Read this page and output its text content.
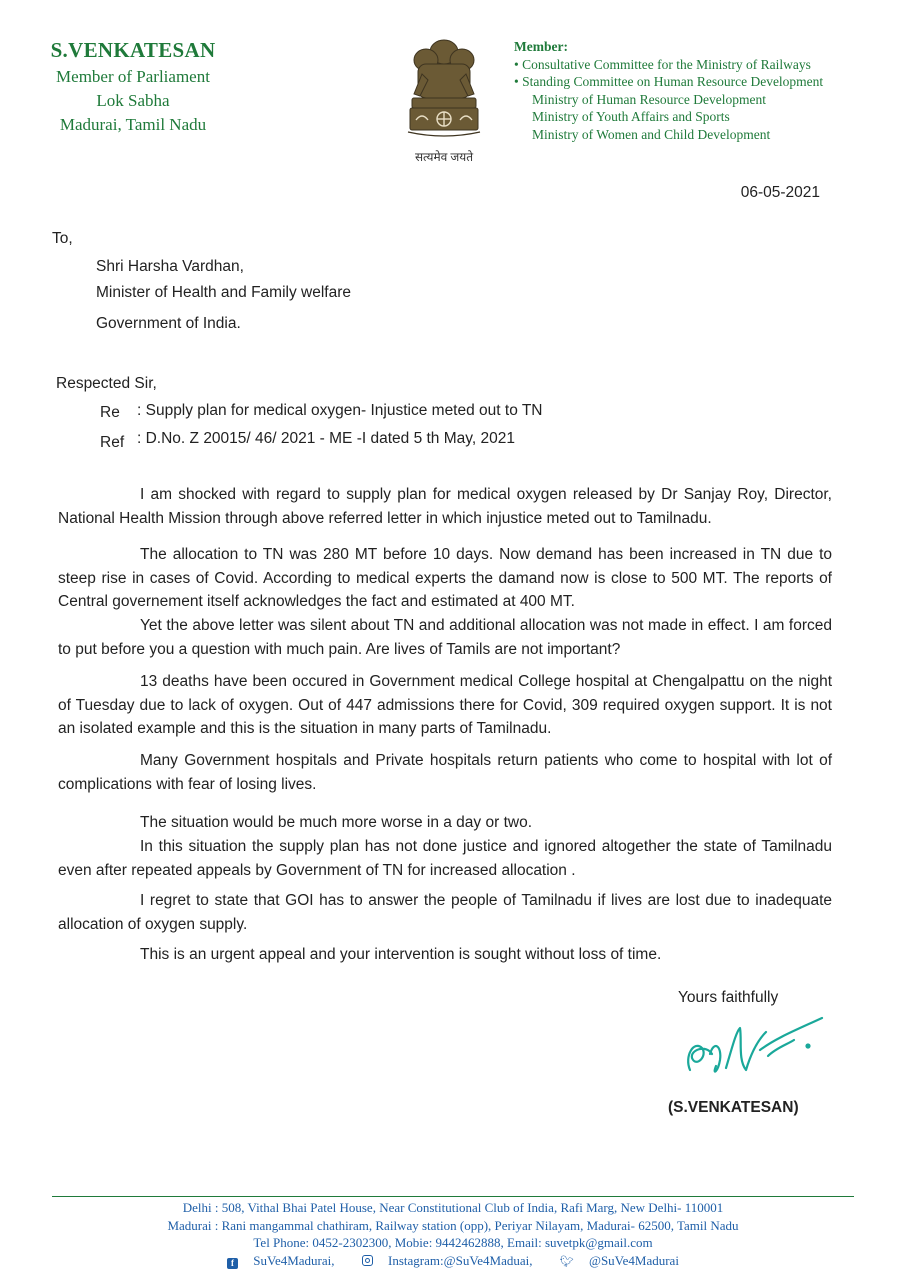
S.VENKATESAN
Member of Parliament
Lok Sabha
Madurai, Tamil Nadu
सत्यमेव जयते
Member:
• Consultative Committee for the Ministry of Railways
• Standing Committee on Human Resource Development
Ministry of Human Resource Development
Ministry of Youth Affairs and Sports
Ministry of Women and Child Development
06-05-2021
To,
Shri Harsha Vardhan,
Minister of Health and Family welfare
Government of India.
Respected Sir,
Re : Supply plan for medical oxygen- Injustice meted out to TN
Ref : D.No. Z 20015/ 46/ 2021 - ME -I dated 5 th May, 2021
I am shocked with regard to supply plan for medical oxygen released by Dr Sanjay Roy, Director, National Health Mission through above referred letter in which injustice meted out to Tamilnadu.
The allocation to TN was 280 MT before 10 days. Now demand has been increased in TN due to steep rise in cases of Covid. According to medical experts the damand now is close to 500 MT. The reports of Central governement itself acknowledges the fact and estimated at 400 MT.
Yet the above letter was silent about TN and additional allocation was not made in effect. I am forced to put before you a question with much pain. Are lives of Tamils are not important?
13 deaths have been occured in Government medical College hospital at Chengalpattu on the night of Tuesday due to lack of oxygen. Out of 447 admissions there for Covid, 309 required oxygen support. It is not an isolated example and this is the situation in many parts of Tamilnadu.
Many Government hospitals and Private hospitals return patients who come to hospital with lot of complications with fear of losing lives.
The situation would be much more worse in a day or two.
In this situation the supply plan has not done justice and ignored altogether the state of Tamilnadu even after repeated appeals by Government of TN for increased allocation .
I regret to state that GOI has to answer the people of Tamilnadu if lives are lost due to inadequate allocation of oxygen supply.
This is an urgent appeal and your intervention is sought without loss of time.
Yours faithfully
(S.VENKATESAN)
Delhi : 508, Vithal Bhai Patel House, Near Constitutional Club of India, Rafi Marg, New Delhi- 110001
Madurai : Rani mangammal chathiram, Railway station (opp), Periyar Nilayam, Madurai- 62500, Tamil Nadu
Tel Phone: 0452-2302300, Mobie: 9442462888, Email: suvetpk@gmail.com
f SuVe4Madurai,	Instagram:@SuVe4Maduai, 🐦︎ @SuVe4Madurai
